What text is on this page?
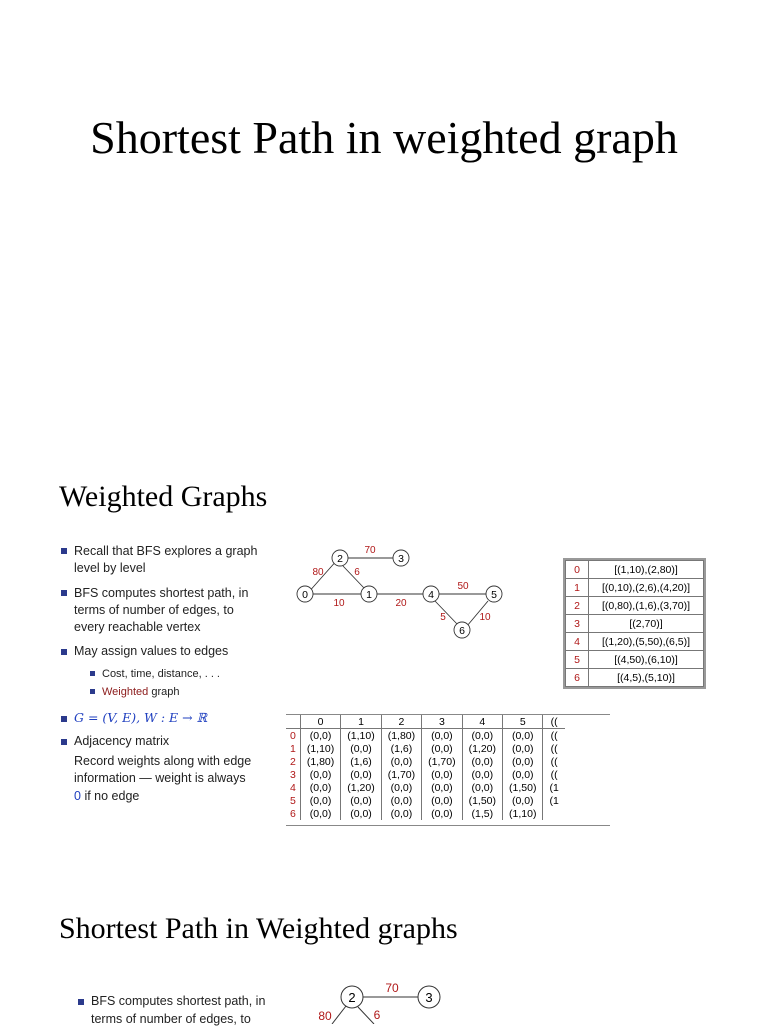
Shortest Path in weighted graph
Weighted Graphs
Recall that BFS explores a graph
level by level
BFS computes shortest path, in
terms of number of edges, to
every reachable vertex
May assign values to edges
Cost, time, distance, . . .
Weighted graph
G = (V, E), W : E → ℝ
Adjacency matrix
Record weights along with edge
information — weight is always
0 if no edge
0	1
2	3
4	5
6
80
70
6
10	20
50
5	10
0	[(1,10),(2,80)]
1	[(0,10),(2,6),(4,20)]
2	[(0,80),(1,6),(3,70)]
3	[(2,70)]
4	[(1,20),(5,50),(6,5)]
5	[(4,50),(6,10)]
6	[(4,5),(5,10)]
	0	1	2	3	4	5	((
0	(0,0)	(1,10)	(1,80)	(0,0)	(0,0)	(0,0)	((
1	(1,10)	(0,0)	(1,6)	(0,0)	(1,20)	(0,0)	((
2	(1,80)	(1,6)	(0,0)	(1,70)	(0,0)	(0,0)	((
3	(0,0)	(0,0)	(1,70)	(0,0)	(0,0)	(0,0)	((
4	(0,0)	(1,20)	(0,0)	(0,0)	(0,0)	(1,50)	(1
5	(0,0)	(0,0)	(0,0)	(0,0)	(1,50)	(0,0)	(1
6	(0,0)	(0,0)	(0,0)	(0,0)	(1,5)	(1,10)	
Shortest Path in Weighted graphs
BFS computes shortest path, in
terms of number of edges, to
2	3
70
80	6
